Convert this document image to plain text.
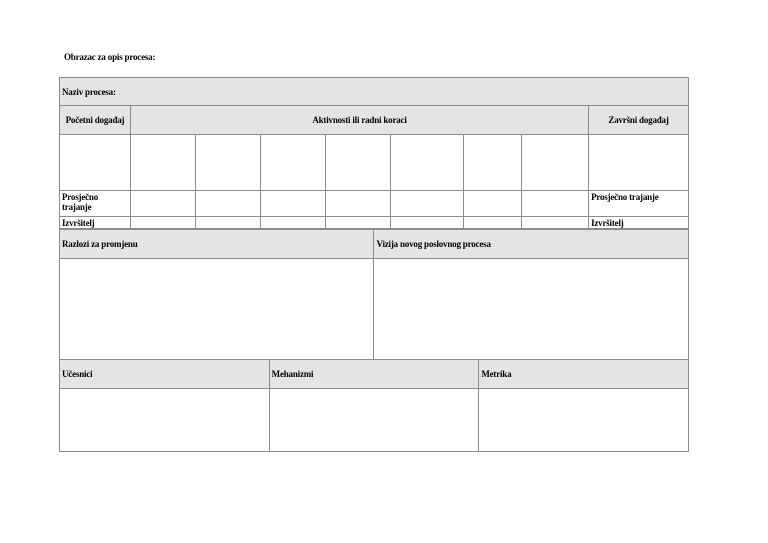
Obrazac za opis procesa:
Naziv procesa:								
Početni događaj	Aktivnosti ili radni koraci							Završni događaj

Prosječno trajanje								Prosječno trajanje
Izvršitelj								Izvršitelj
Razlozi za promjenu	Vizija novog poslovnog procesa

Učesnici	Mehanizmi	Metrika
